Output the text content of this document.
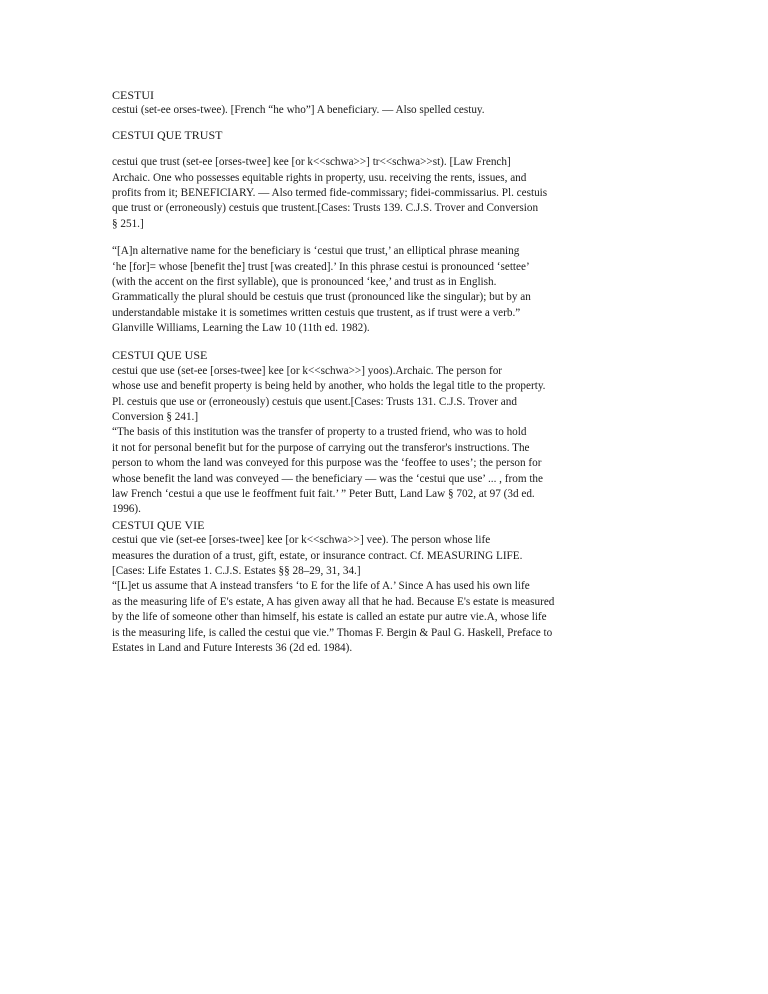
CESTUI
cestui (set-ee orses-twee). [French “he who”] A beneficiary. — Also spelled cestuy.
CESTUI QUE TRUST
cestui que trust (set-ee [orses-twee] kee [or k<<schwa>>] tr<<schwa>>st). [Law French]
Archaic. One who possesses equitable rights in property, usu. receiving the rents, issues, and
profits from it; BENEFICIARY. — Also termed fide-commissary; fidei-commissarius. Pl. cestuis
que trust or (erroneously) cestuis que trustent.[Cases: Trusts 139. C.J.S. Trover and Conversion
§ 251.]
“[A]n alternative name for the beneficiary is ‘cestui que trust,’ an elliptical phrase meaning
‘he [for]= whose [benefit the] trust [was created].’ In this phrase cestui is pronounced ‘settee’
(with the accent on the first syllable), que is pronounced ‘kee,’ and trust as in English.
Grammatically the plural should be cestuis que trust (pronounced like the singular); but by an
understandable mistake it is sometimes written cestuis que trustent, as if trust were a verb.”
Glanville Williams, Learning the Law 10 (11th ed. 1982).
CESTUI QUE USE
cestui que use (set-ee [orses-twee] kee [or k<<schwa>>] yoos).Archaic. The person for
whose use and benefit property is being held by another, who holds the legal title to the property.
Pl. cestuis que use or (erroneously) cestuis que usent.[Cases: Trusts 131. C.J.S. Trover and
Conversion § 241.]
“The basis of this institution was the transfer of property to a trusted friend, who was to hold
it not for personal benefit but for the purpose of carrying out the transferor's instructions. The
person to whom the land was conveyed for this purpose was the ‘feoffee to uses’; the person for
whose benefit the land was conveyed — the beneficiary — was the ‘cestui que use’ ... , from the
law French ‘cestui a que use le feoffment fuit fait.’ ” Peter Butt, Land Law § 702, at 97 (3d ed.
1996).
CESTUI QUE VIE
cestui que vie (set-ee [orses-twee] kee [or k<<schwa>>] vee). The person whose life
measures the duration of a trust, gift, estate, or insurance contract. Cf. MEASURING LIFE.
[Cases: Life Estates 1. C.J.S. Estates §§ 28–29, 31, 34.]
“[L]et us assume that A instead transfers ‘to E for the life of A.’ Since A has used his own life
as the measuring life of E's estate, A has given away all that he had. Because E's estate is measured
by the life of someone other than himself, his estate is called an estate pur autre vie.A, whose life
is the measuring life, is called the cestui que vie.” Thomas F. Bergin & Paul G. Haskell, Preface to
Estates in Land and Future Interests 36 (2d ed. 1984).
